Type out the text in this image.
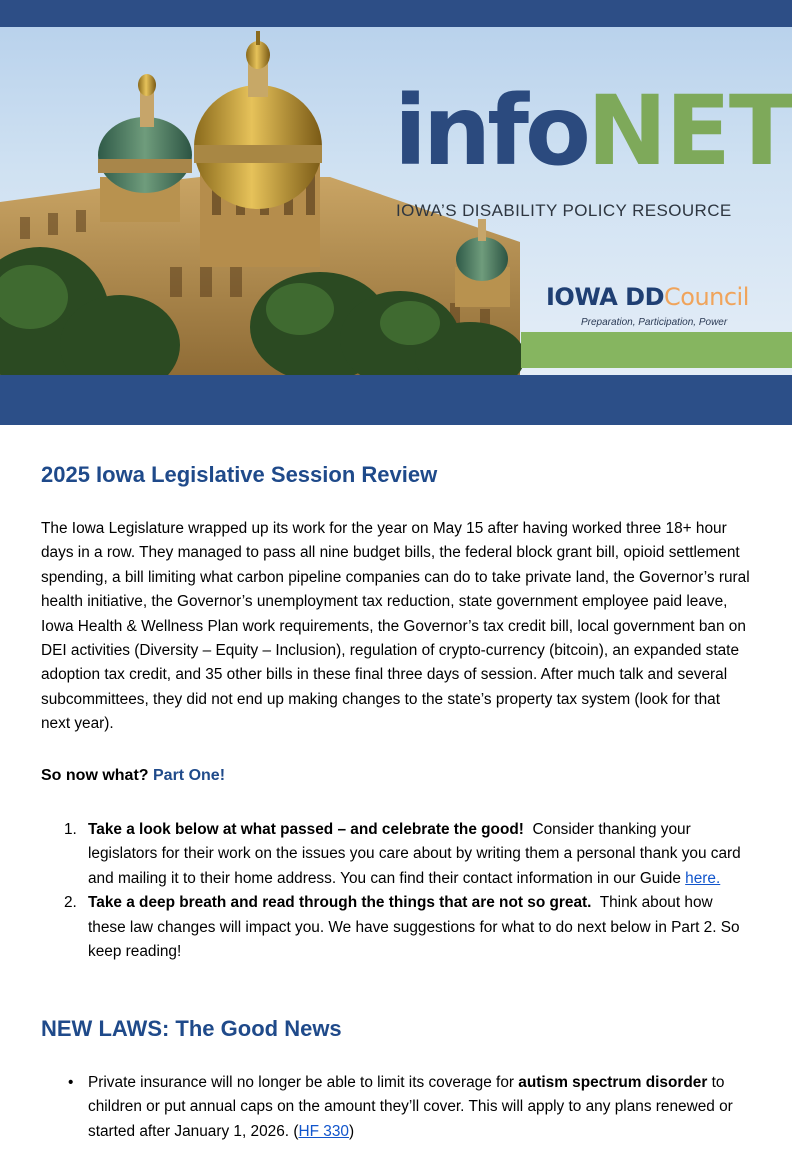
infoNET
IOWA’S DISABILITY POLICY RESOURCE
IOWA DDCouncil
Preparation, Participation, Power
2025 Iowa Legislative Session Review

The Iowa Legislature wrapped up its work for the year on May 15 after having worked three 18+ hour days in a row. They managed to pass all nine budget bills, the federal block grant bill, opioid settlement spending, a bill limiting what carbon pipeline companies can do to take private land, the Governor’s rural health initiative, the Governor’s unemployment tax reduction, state government employee paid leave, Iowa Health & Wellness Plan work requirements, the Governor’s tax credit bill, local government ban on DEI activities (Diversity – Equity – Inclusion), regulation of crypto-currency (bitcoin), an expanded state adoption tax credit, and 35 other bills in these final three days of session. After much talk and several subcommittees, they did not end up making changes to the state’s property tax system (look for that next year).

So now what? Part One!
1. Take a look below at what passed – and celebrate the good! Consider thanking your legislators for their work on the issues you care about by writing them a personal thank you card and mailing it to their home address. You can find their contact information in our Guide here.
2. Take a deep breath and read through the things that are not so great. Think about how these law changes will impact you. We have suggestions for what to do next below in Part 2. So keep reading!
NEW LAWS: The Good News
• Private insurance will no longer be able to limit its coverage for autism spectrum disorder to children or put annual caps on the amount they’ll cover. This will apply to any plans renewed or started after January 1, 2026. (HF 330)
